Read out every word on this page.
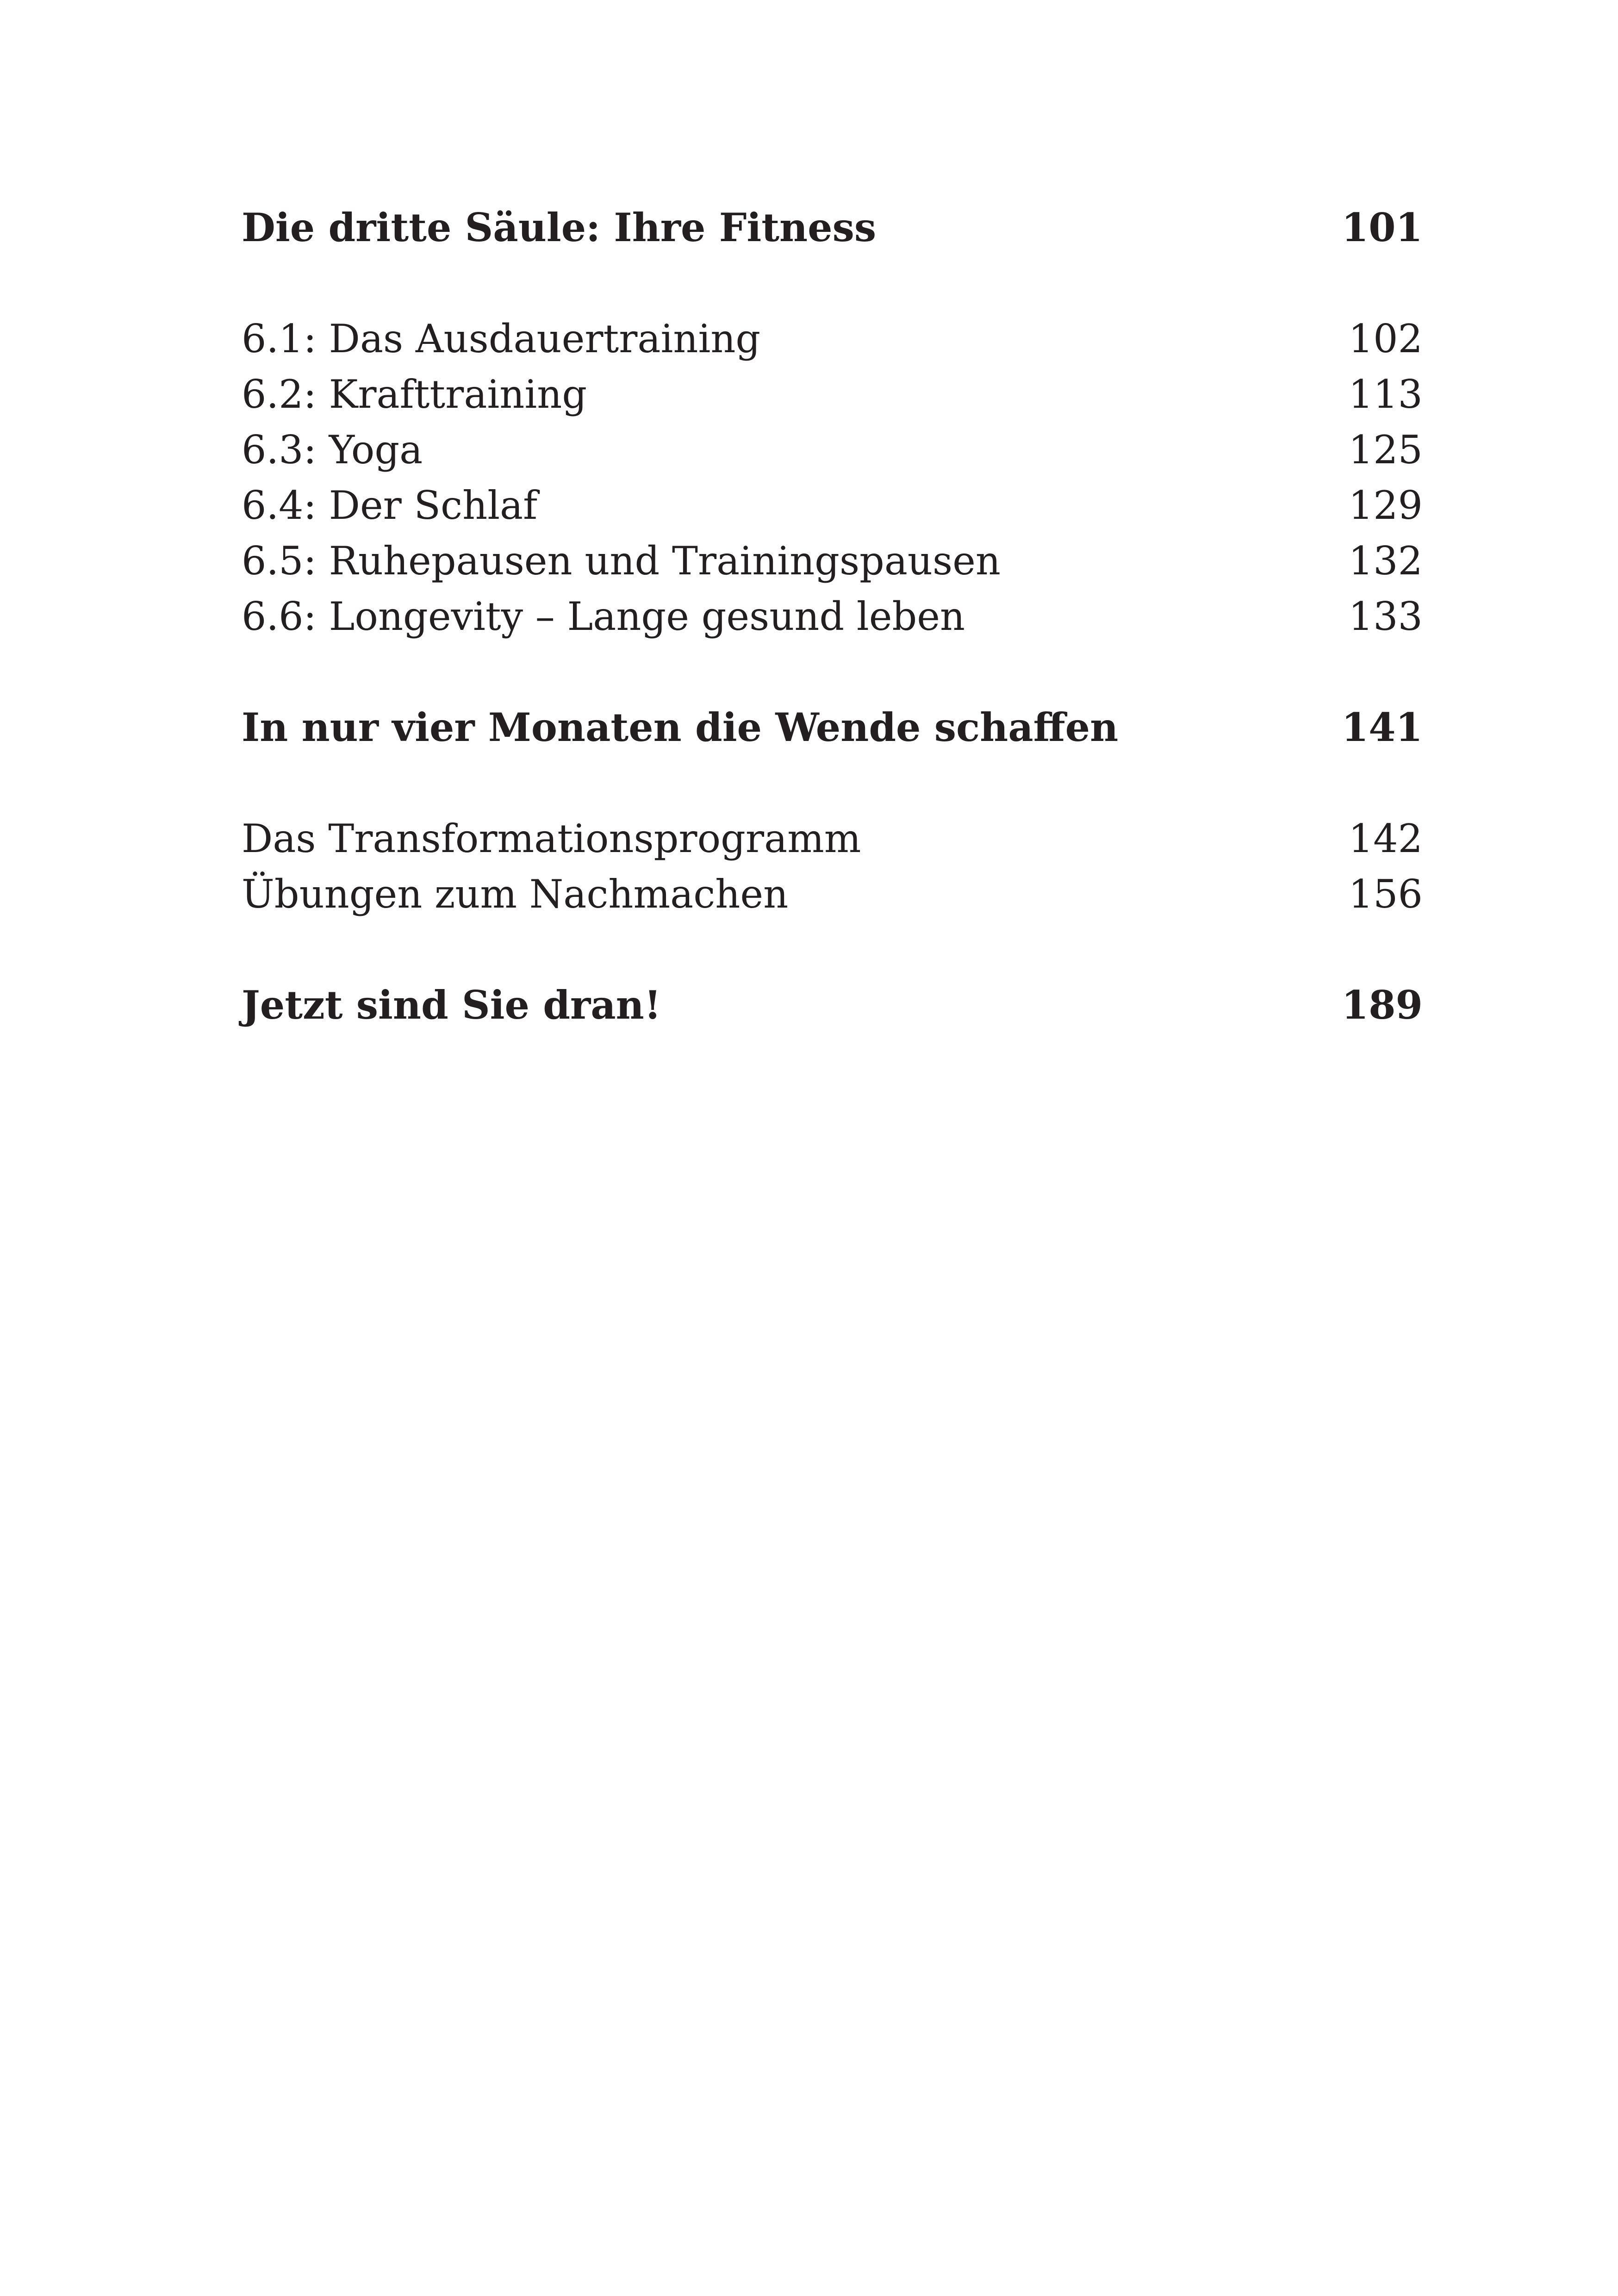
Die dritte Säule: Ihre Fitness	101
6.1: Das Ausdauertraining	102
6.2: Krafttraining	113
6.3: Yoga	125
6.4: Der Schlaf	129
6.5: Ruhepausen und Trainingspausen	132
6.6: Longevity – Lange gesund leben	133
In nur vier Monaten die Wende schaffen	141
Das Transformationsprogramm	142
Übungen zum Nachmachen	156
Jetzt sind Sie dran!	189
